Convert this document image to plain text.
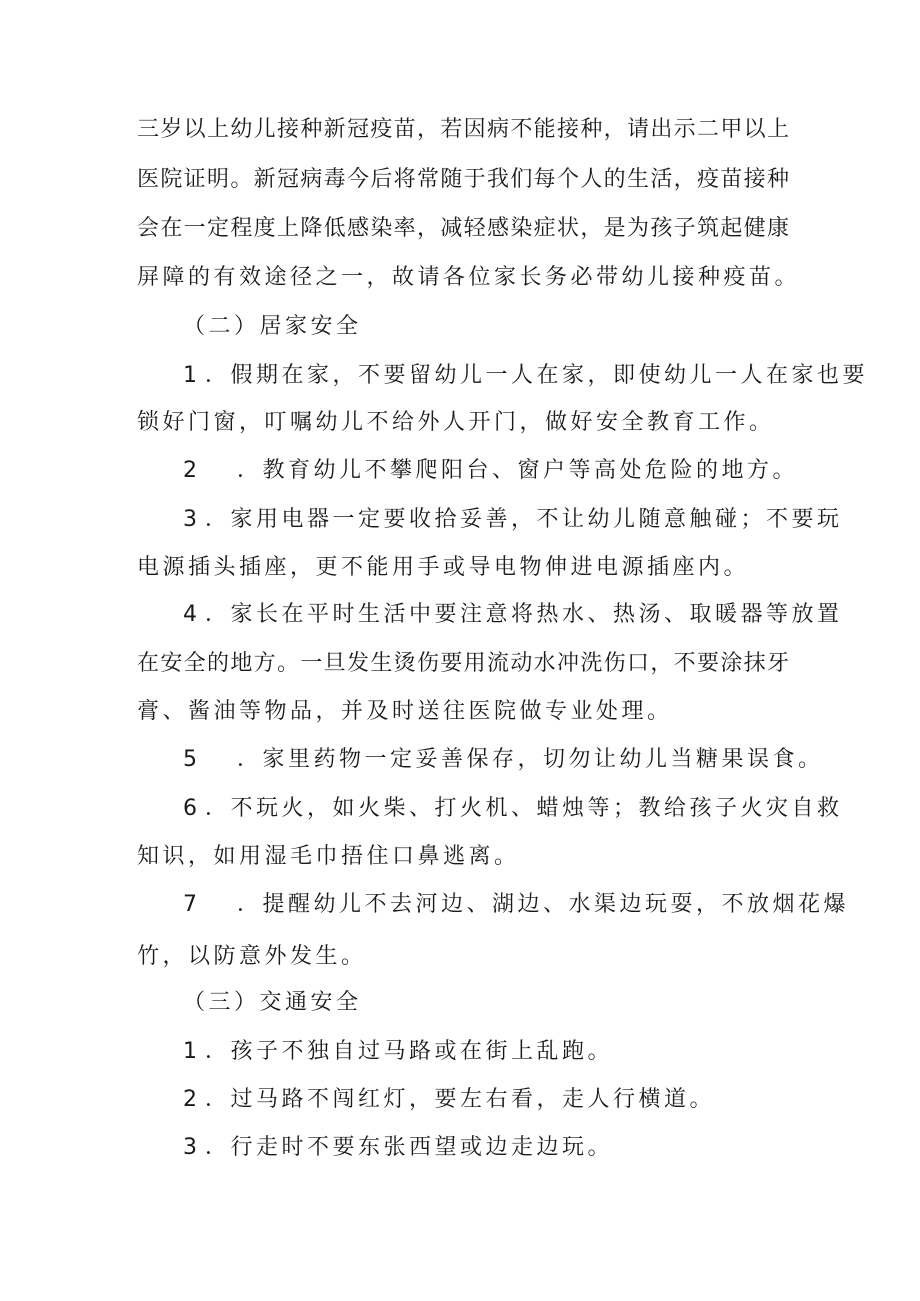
三岁以上幼儿接种新冠疫苗，若因病不能接种，请出示二甲以上
医院证明。新冠病毒今后将常随于我们每个人的生活，疫苗接种
会在一定程度上降低感染率，减轻感染症状，是为孩子筑起健康
屏障的有效途径之一，故请各位家长务必带幼儿接种疫苗。
（二）居家安全
1 ．假期在家，不要留幼儿一人在家，即使幼儿一人在家也要
锁好门窗，叮嘱幼儿不给外人开门，做好安全教育工作。
2 ．教育幼儿不攀爬阳台、窗户等高处危险的地方。
3 ．家用电器一定要收拾妥善，不让幼儿随意触碰；不要玩
电源插头插座，更不能用手或导电物伸进电源插座内。
4 ．家长在平时生活中要注意将热水、热汤、取暖器等放置
在安全的地方。一旦发生烫伤要用流动水冲洗伤口，不要涂抹牙
膏、酱油等物品，并及时送往医院做专业处理。
5 ．家里药物一定妥善保存，切勿让幼儿当糖果误食。
6 ．不玩火，如火柴、打火机、蜡烛等；教给孩子火灾自救
知识，如用湿毛巾捂住口鼻逃离。
7 ．提醒幼儿不去河边、湖边、水渠边玩耍，不放烟花爆
竹，以防意外发生。
（三）交通安全
1 ．孩子不独自过马路或在街上乱跑。
2 ．过马路不闯红灯，要左右看，走人行横道。
3 ．行走时不要东张西望或边走边玩。
